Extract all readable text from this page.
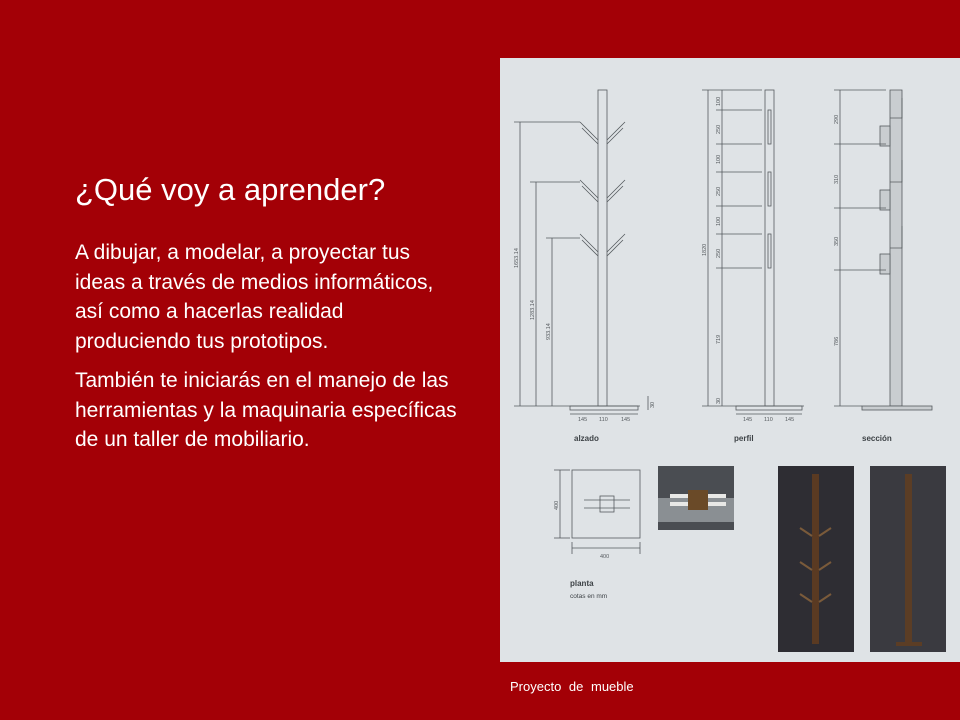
¿Qué voy a aprender?
A dibujar, a modelar, a proyectar tus ideas a través de medios informáticos, así como a hacerlas realidad produciendo tus prototipos.
También te iniciarás en el manejo de las herramientas y la maquinaria específicas de un taller de mobiliario.
1653.14
1283.14
933.14
145 110 145
30
1820
100
250
100
250
100
250
719
30
145 110 145
290
310
350
786
400
400
alzado	perfil	sección
planta
cotas en mm
Proyecto de mueble
